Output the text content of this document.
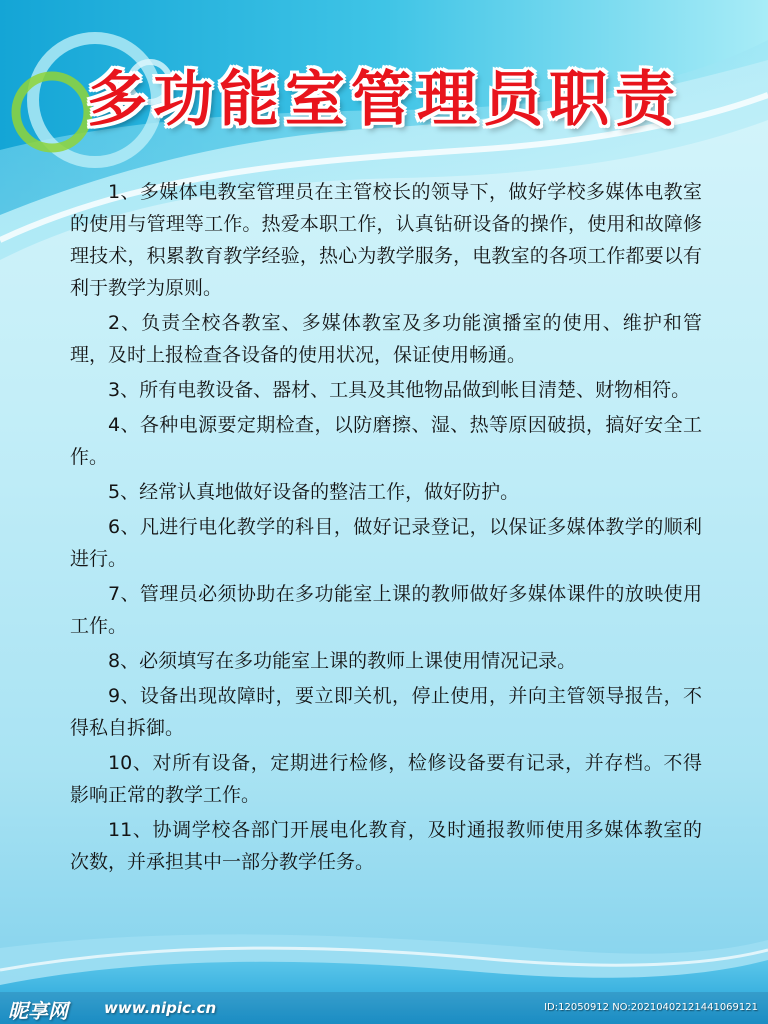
多功能室管理员职责

1、多媒体电教室管理员在主管校长的领导下，做好学校多媒体电教室的使用与管理等工作。热爱本职工作，认真钻研设备的操作，使用和故障修理技术，积累教育教学经验，热心为教学服务，电教室的各项工作都要以有利于教学为原则。

2、负责全校各教室、多媒体教室及多功能演播室的使用、维护和管理，及时上报检查各设备的使用状况，保证使用畅通。

3、所有电教设备、器材、工具及其他物品做到帐目清楚、财物相符。

4、各种电源要定期检查，以防磨擦、湿、热等原因破损，搞好安全工作。

5、经常认真地做好设备的整洁工作，做好防护。

6、凡进行电化教学的科目，做好记录登记，以保证多媒体教学的顺利进行。

7、管理员必须协助在多功能室上课的教师做好多媒体课件的放映使用工作。

8、必须填写在多功能室上课的教师上课使用情况记录。

9、设备出现故障时，要立即关机，停止使用，并向主管领导报告，不得私自拆御。

10、对所有设备，定期进行检修，检修设备要有记录，并存档。不得影响正常的教学工作。

11、协调学校各部门开展电化教育，及时通报教师使用多媒体教室的次数，并承担其中一部分教学任务。

昵享网 www.nipic.cn	ID:12050912 NO:20210402121441069121
